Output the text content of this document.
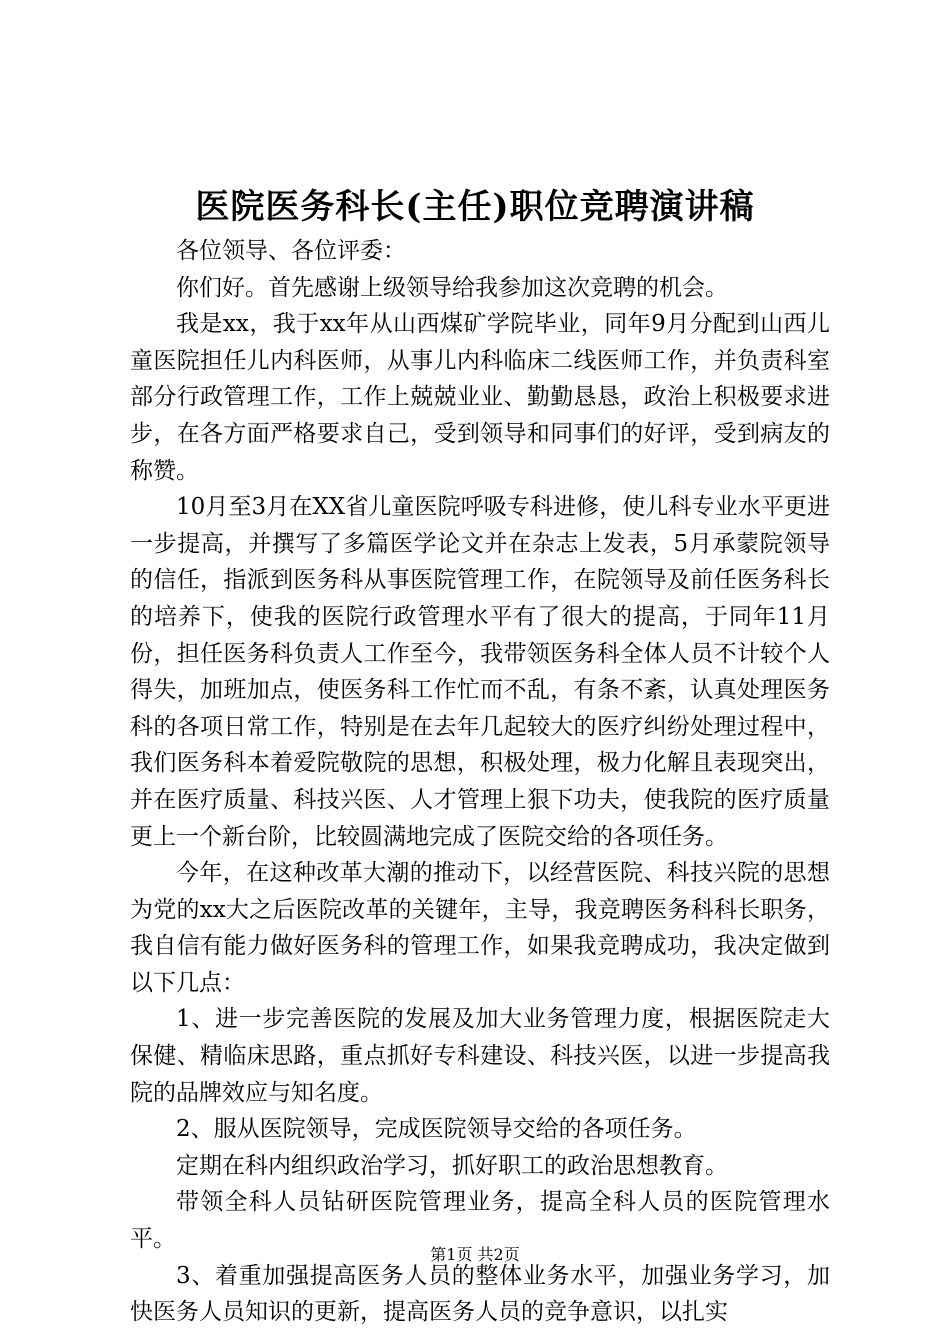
医院医务科长(主任)职位竞聘演讲稿

各位领导、各位评委：

你们好。首先感谢上级领导给我参加这次竞聘的机会。

我是xx，我于xx年从山西煤矿学院毕业，同年9月分配到山西儿童医院担任儿内科医师，从事儿内科临床二线医师工作，并负责科室部分行政管理工作，工作上兢兢业业、勤勤恳恳，政治上积极要求进步，在各方面严格要求自己，受到领导和同事们的好评，受到病友的称赞。

10月至3月在XX省儿童医院呼吸专科进修，使儿科专业水平更进一步提高，并撰写了多篇医学论文并在杂志上发表，5月承蒙院领导的信任，指派到医务科从事医院管理工作，在院领导及前任医务科长的培养下，使我的医院行政管理水平有了很大的提高，于同年11月份，担任医务科负责人工作至今，我带领医务科全体人员不计较个人得失，加班加点，使医务科工作忙而不乱，有条不紊，认真处理医务科的各项日常工作，特别是在去年几起较大的医疗纠纷处理过程中，我们医务科本着爱院敬院的思想，积极处理，极力化解且表现突出，并在医疗质量、科技兴医、人才管理上狠下功夫，使我院的医疗质量更上一个新台阶，比较圆满地完成了医院交给的各项任务。

今年，在这种改革大潮的推动下，以经营医院、科技兴院的思想为党的xx大之后医院改革的关键年，主导，我竞聘医务科科长职务，我自信有能力做好医务科的管理工作，如果我竞聘成功，我决定做到以下几点：

1、进一步完善医院的发展及加大业务管理力度，根据医院走大保健、精临床思路，重点抓好专科建设、科技兴医，以进一步提高我院的品牌效应与知名度。

2、服从医院领导，完成医院领导交给的各项任务。

定期在科内组织政治学习，抓好职工的政治思想教育。

带领全科人员钻研医院管理业务，提高全科人员的医院管理水平。

3、着重加强提高医务人员的整体业务水平，加强业务学习，加快医务人员知识的更新，提高医务人员的竞争意识，以扎实

第1页 共2页
